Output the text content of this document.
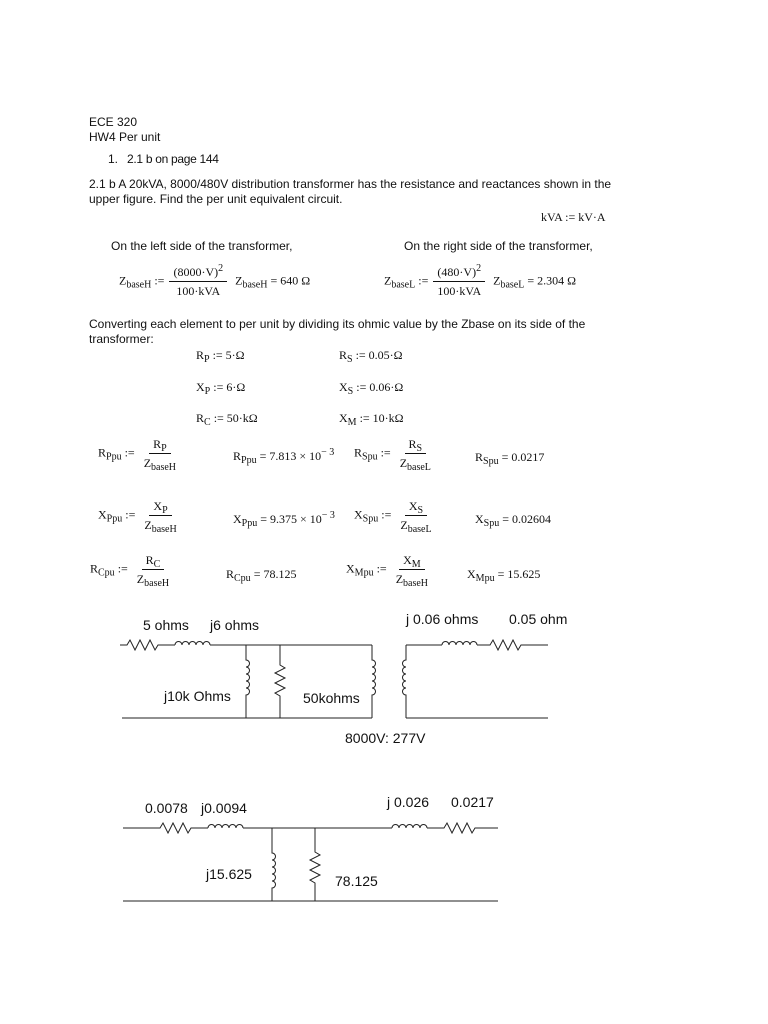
ECE 320
HW4 Per unit
1. 2.1 b on page 144
2.1 b A 20kVA, 8000/480V distribution transformer has the resistance and reactances shown in the upper figure. Find the per unit equivalent circuit.
kVA := kV·A
On the left side of the transformer,	On the right side of the transformer,
$Z_{baseH}$ := $\frac{(8000\cdot V)^2}{\text{100·kVA}} Z_{baseH} = 640$ Ω	$Z_{baseL}$ := $\frac{(480\cdot V)^2}{\text{100·kVA}} Z_{baseL} = 2.304$ Ω
Converting each element to per unit by dividing its ohmic value by the Zbase on its side of the transformer:
$R_P$ := 5·Ω	$R_S$ := 0.05·Ω
$X_P$ := 6·Ω	$X_S$ := 0.06·Ω
$R_C$ := 50·kΩ	$X_M$ := 10·kΩ
$R_{Ppu}$ := $\frac{R_P}{Z_{baseH}}$	$R_{Ppu} = 7.813 \times 10^{- 3}$ $R_{Spu}$ := $\frac{R_S}{Z_{baseL}}$	$R_{Spu} = 0.0217$
$X_{Ppu}$ := $\frac{X_P}{Z_{baseH}}$	$X_{Ppu} = 9.375 \times 10^{- 3}$ $X_{Spu}$ := $\frac{X_S}{Z_{baseL}}$	$X_{Spu} = 0.02604$
$R_{Cpu}$ := $\frac{R_C}{Z_{baseH}}$	$R_{Cpu} = 78.125$	$X_{Mpu}$ := $\frac{X_M}{Z_{baseH}}$	$X_{Mpu} = 15.625$
5 ohms j6 ohms	j 0.06 ohms 0.05 ohm
j10k Ohms	50kohms
8000V: 277V
0.0078 j0.0094	j 0.026 0.0217
j15.625	78.125
